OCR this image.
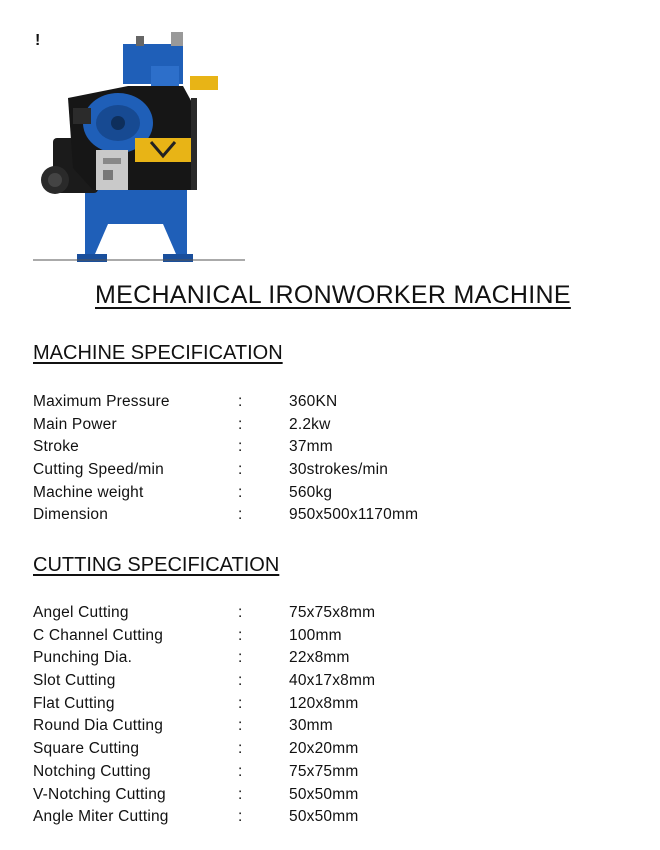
!
MECHANICAL IRONWORKER MACHINE
MACHINE SPECIFICATION
Maximum Pressure	:	360KN
Main Power	:	2.2kw
Stroke	:	37mm
Cutting Speed/min	:	30strokes/min
Machine weight	:	560kg
Dimension	:	950x500x1170mm
CUTTING SPECIFICATION
Angel Cutting	:	75x75x8mm
C Channel Cutting	:	100mm
Punching Dia.	:	22x8mm
Slot Cutting	:	40x17x8mm
Flat Cutting	:	120x8mm
Round Dia Cutting	:	30mm
Square Cutting	:	20x20mm
Notching Cutting	:	75x75mm
V-Notching Cutting	:	50x50mm
Angle Miter Cutting	:	50x50mm
